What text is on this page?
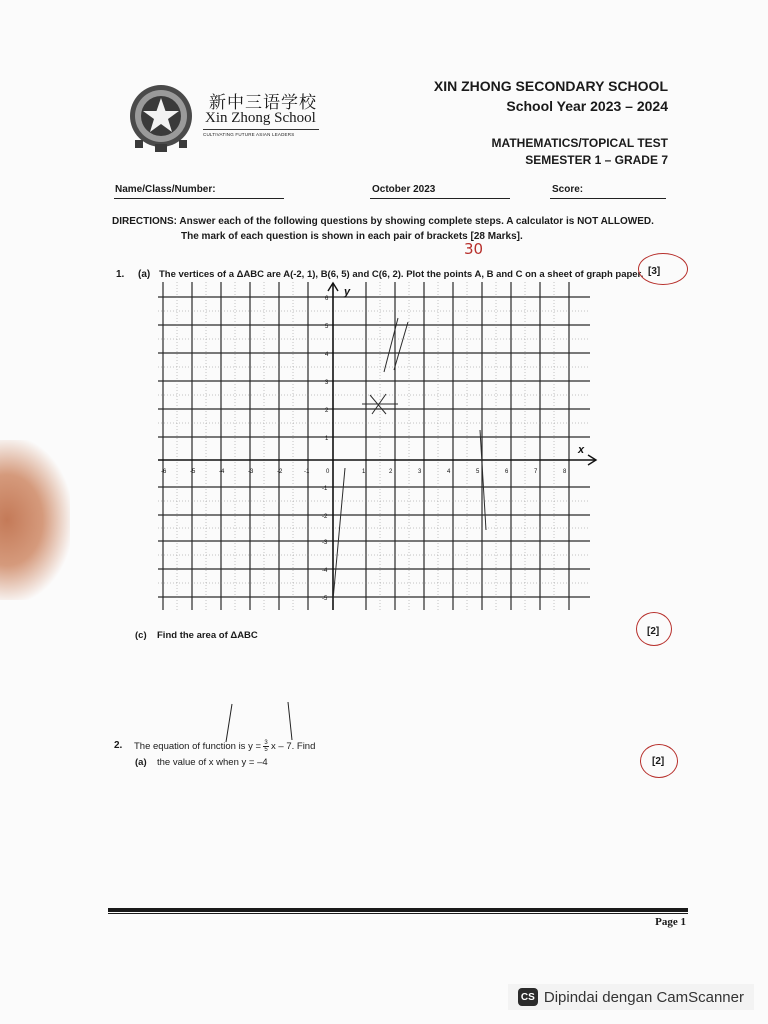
新中三语学校
Xin Zhong School
CULTIVATING FUTURE ASIAN LEADERS
XIN ZHONG SECONDARY SCHOOL
School Year 2023 – 2024
MATHEMATICS/TOPICAL TEST
SEMESTER 1 – GRADE 7
Name/Class/Number:	October 2023	Score:
DIRECTIONS: Answer each of the following questions by showing complete steps. A calculator is NOT ALLOWED.
The mark of each question is shown in each pair of brackets [28 Marks].
30
1. (a) The vertices of a ΔABC are A(-2, 1), B(6, 5) and C(6, 2). Plot the points A, B and C on a sheet of graph paper. [3]
y
x
-6	-5	-4	-3	-2	-1	0	1	2	3	4	5	6	7	8
6
5
4
3
2
1
-1
-2
-3
-4
-5
(c) Find the area of ΔABC	[2]
2. The equation of function is y = 3
5 x – 7. Find
(a) the value of x when y = –4	[2]
Page 1
CS Dipindai dengan CamScanner
